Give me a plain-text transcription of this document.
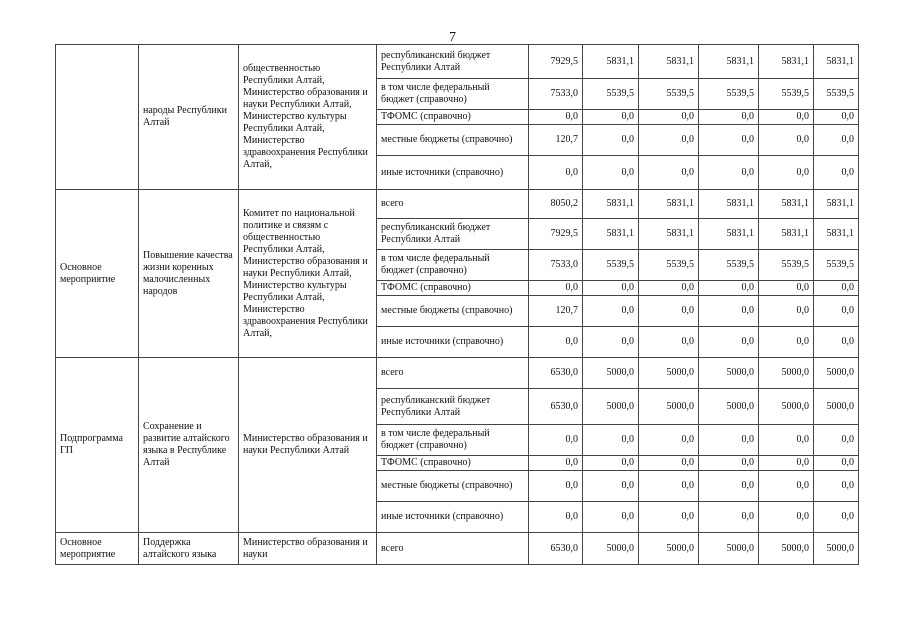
7
	народы Республики Алтай	общественностью Республики Алтай, Министерство образования и науки Республики Алтай, Министерство культуры Республики Алтай, Министерство здравоохранения Республики Алтай,	республиканский бюджет Республики Алтай	7929,5	5831,1	5831,1	5831,1	5831,1	5831,1
			в том числе федеральный бюджет (справочно)	7533,0	5539,5	5539,5	5539,5	5539,5	5539,5
			ТФОМС (справочно)	0,0	0,0	0,0	0,0	0,0	0,0
			местные бюджеты (справочно)	120,7	0,0	0,0	0,0	0,0	0,0
			иные источники (справочно)	0,0	0,0	0,0	0,0	0,0	0,0
Основное мероприятие	Повышение качества жизни коренных малочисленных народов	Комитет по национальной политике и связям с общественностью Республики Алтай, Министерство образования и науки Республики Алтай, Министерство культуры Республики Алтай, Министерство здравоохранения Республики Алтай,	всего	8050,2	5831,1	5831,1	5831,1	5831,1	5831,1
			республиканский бюджет Республики Алтай	7929,5	5831,1	5831,1	5831,1	5831,1	5831,1
			в том числе федеральный бюджет (справочно)	7533,0	5539,5	5539,5	5539,5	5539,5	5539,5
			ТФОМС (справочно)	0,0	0,0	0,0	0,0	0,0	0,0
			местные бюджеты (справочно)	120,7	0,0	0,0	0,0	0,0	0,0
			иные источники (справочно)	0,0	0,0	0,0	0,0	0,0	0,0
Подпрограмма ГП	Сохранение и развитие алтайского языка в Республике Алтай	Министерство образования и науки Республики Алтай	всего	6530,0	5000,0	5000,0	5000,0	5000,0	5000,0
			республиканский бюджет Республики Алтай	6530,0	5000,0	5000,0	5000,0	5000,0	5000,0
			в том числе федеральный бюджет (справочно)	0,0	0,0	0,0	0,0	0,0	0,0
			ТФОМС (справочно)	0,0	0,0	0,0	0,0	0,0	0,0
			местные бюджеты (справочно)	0,0	0,0	0,0	0,0	0,0	0,0
			иные источники (справочно)	0,0	0,0	0,0	0,0	0,0	0,0
Основное мероприятие	Поддержка алтайского языка	Министерство образования и науки	всего	6530,0	5000,0	5000,0	5000,0	5000,0	5000,0
